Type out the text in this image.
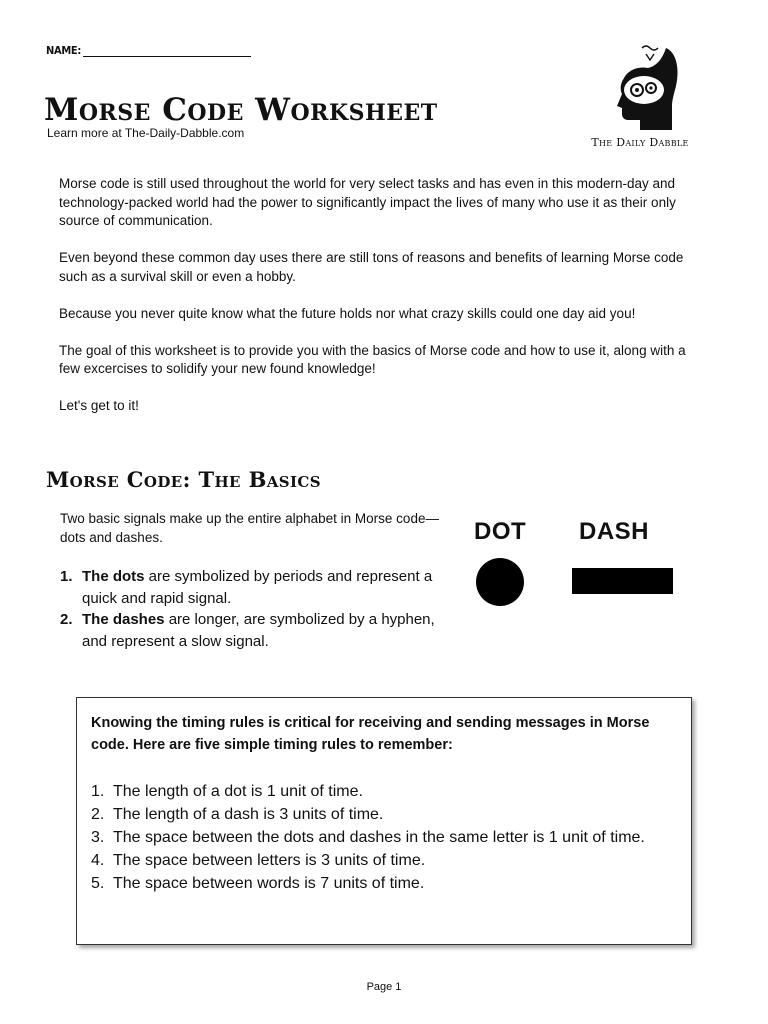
NAME:
Morse Code Worksheet
Learn more at The-Daily-Dabble.com
+ = + +
The Daily Dabble

Morse code is still used throughout the world for very select tasks and has even in this modern-day and technology-packed world had the power to significantly impact the lives of many who use it as their only source of communication.

Even beyond these common day uses there are still tons of reasons and benefits of learning Morse code such as a survival skill or even a hobby.

Because you never quite know what the future holds nor what crazy skills could one day aid you!

The goal of this worksheet is to provide you with the basics of Morse code and how to use it, along with a few excercises to solidify your new found knowledge!

Let's get to it!

Morse Code: The Basics

Two basic signals make up the entire alphabet in Morse code—dots and dashes.

1. The dots are symbolized by periods and represent a quick and rapid signal.
2. The dashes are longer, are symbolized by a hyphen, and represent a slow signal.
DOT DASH

Knowing the timing rules is critical for receiving and sending messages in Morse code. Here are five simple timing rules to remember:

1. The length of a dot is 1 unit of time.
2. The length of a dash is 3 units of time.
3. The space between the dots and dashes in the same letter is 1 unit of time.
4. The space between letters is 3 units of time.
5. The space between words is 7 units of time.
Page 1
